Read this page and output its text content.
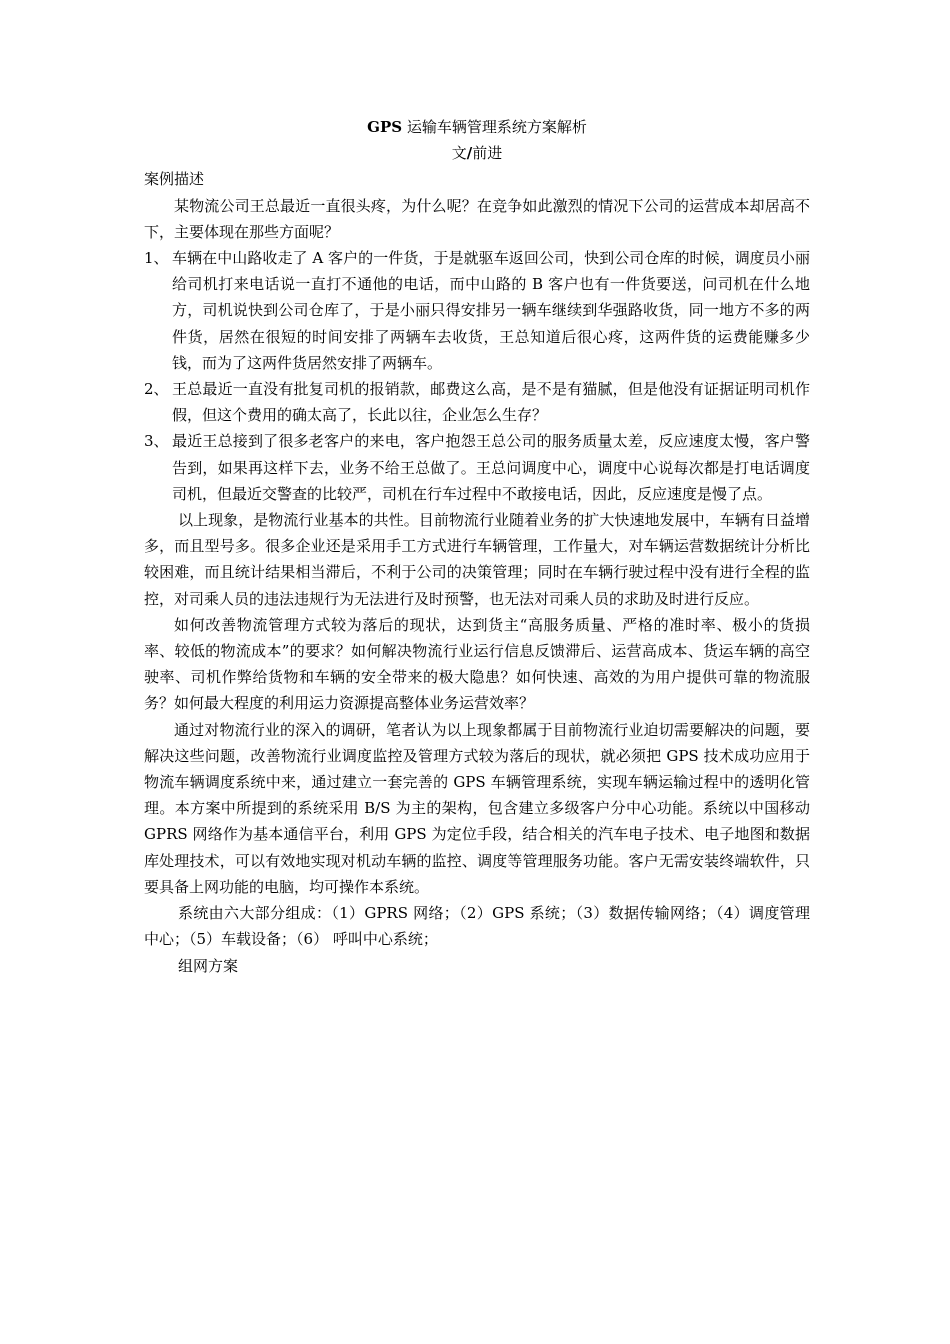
GPS 运输车辆管理系统方案解析
文/前进
案例描述

某物流公司王总最近一直很头疼，为什么呢？在竞争如此激烈的情况下公司的运营成本却居高不下，主要体现在那些方面呢？

1、 车辆在中山路收走了 A 客户的一件货，于是就驱车返回公司，快到公司仓库的时候，调度员小丽给司机打来电话说一直打不通他的电话，而中山路的 B 客户也有一件货要送，问司机在什么地方，司机说快到公司仓库了，于是小丽只得安排另一辆车继续到华强路收货，同一地方不多的两件货，居然在很短的时间安排了两辆车去收货，王总知道后很心疼，这两件货的运费能赚多少钱，而为了这两件货居然安排了两辆车。
2、 王总最近一直没有批复司机的报销款，邮费这么高，是不是有猫腻，但是他没有证据证明司机作假，但这个费用的确太高了，长此以往，企业怎么生存？
3、 最近王总接到了很多老客户的来电，客户抱怨王总公司的服务质量太差，反应速度太慢，客户警告到，如果再这样下去，业务不给王总做了。王总问调度中心，调度中心说每次都是打电话调度司机，但最近交警查的比较严，司机在行车过程中不敢接电话，因此，反应速度是慢了点。

以上现象，是物流行业基本的共性。目前物流行业随着业务的扩大快速地发展中，车辆有日益增多，而且型号多。很多企业还是采用手工方式进行车辆管理，工作量大，对车辆运营数据统计分析比较困难，而且统计结果相当滞后，不利于公司的决策管理；同时在车辆行驶过程中没有进行全程的监控，对司乘人员的违法违规行为无法进行及时预警，也无法对司乘人员的求助及时进行反应。

如何改善物流管理方式较为落后的现状，达到货主“高服务质量、严格的准时率、极小的货损率、较低的物流成本”的要求？如何解决物流行业运行信息反馈滞后、运营高成本、货运车辆的高空驶率、司机作弊给货物和车辆的安全带来的极大隐患？如何快速、高效的为用户提供可靠的物流服务？如何最大程度的利用运力资源提高整体业务运营效率？

通过对物流行业的深入的调研，笔者认为以上现象都属于目前物流行业迫切需要解决的问题，要解决这些问题，改善物流行业调度监控及管理方式较为落后的现状，就必须把 GPS 技术成功应用于物流车辆调度系统中来，通过建立一套完善的 GPS 车辆管理系统，实现车辆运输过程中的透明化管理。本方案中所提到的系统采用 B/S 为主的架构，包含建立多级客户分中心功能。系统以中国移动 GPRS 网络作为基本通信平台，利用 GPS 为定位手段，结合相关的汽车电子技术、电子地图和数据库处理技术，可以有效地实现对机动车辆的监控、调度等管理服务功能。客户无需安装终端软件，只要具备上网功能的电脑，均可操作本系统。

系统由六大部分组成：（1）GPRS 网络；（2）GPS 系统；（3）数据传输网络；（4）调度管理中心；（5）车载设备；（6） 呼叫中心系统；

组网方案
